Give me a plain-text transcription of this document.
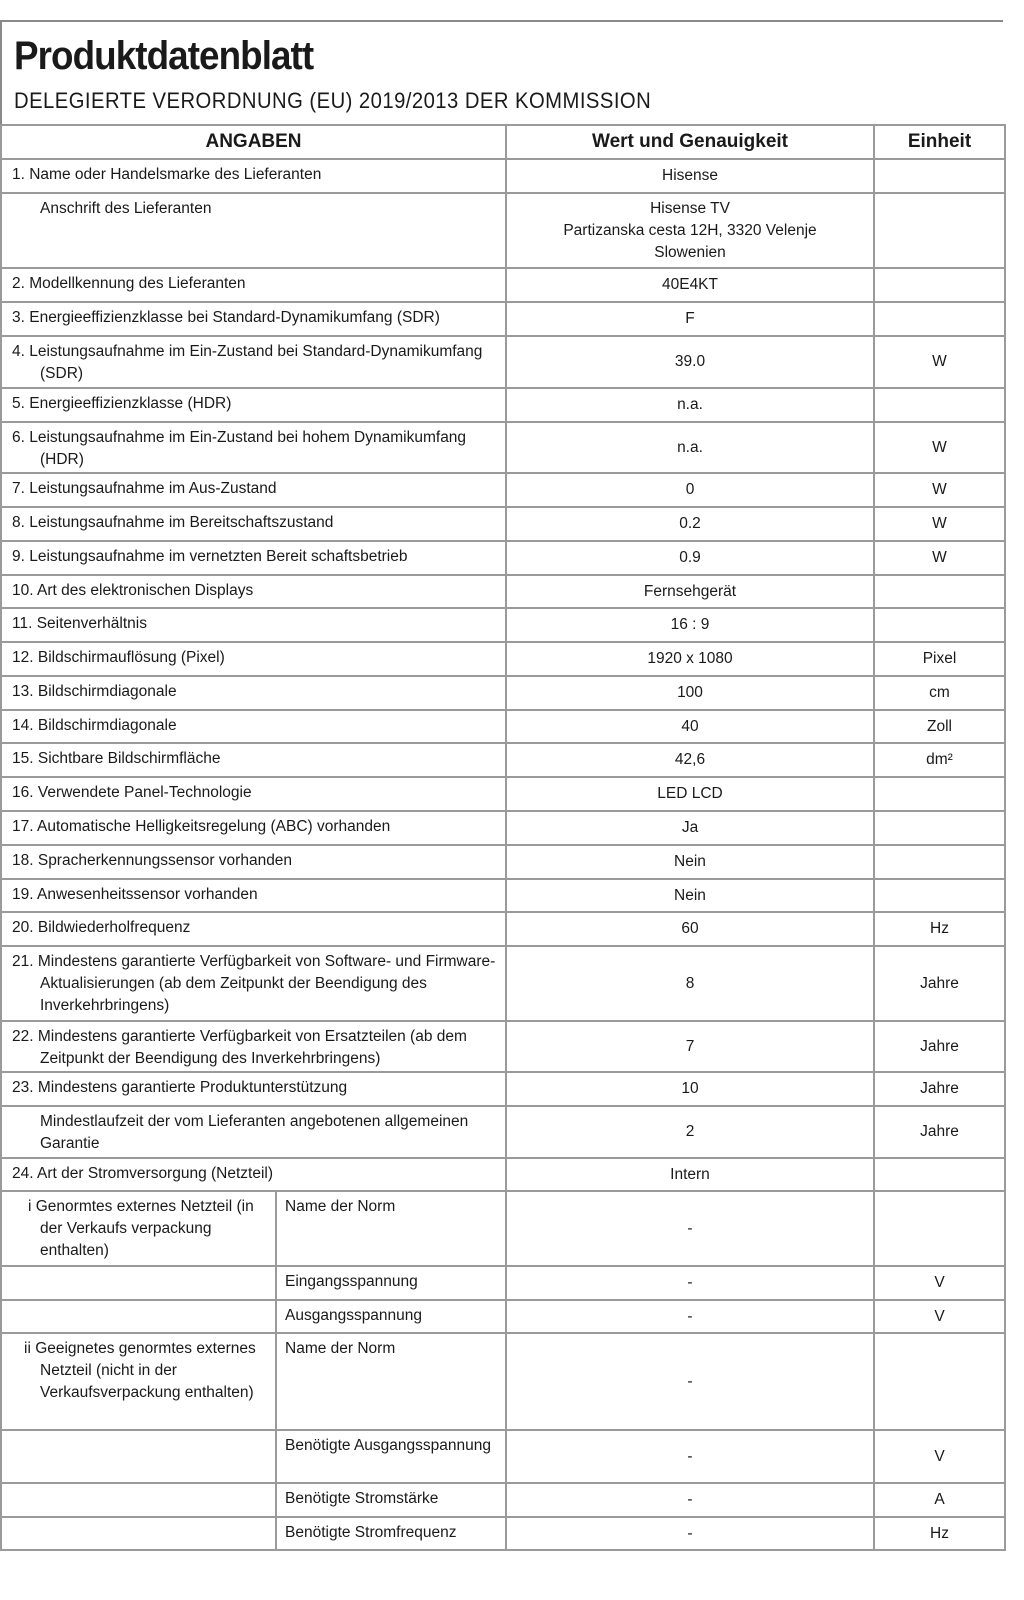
Produktdatenblatt
DELEGIERTE VERORDNUNG (EU) 2019/2013 DER KOMMISSION
ANGABEN		Wert und Genauigkeit	Einheit

1. Name oder Handelsmarke des Lieferanten		Hisense	

Anschrift des Lieferanten		Hisense TV
Partizanska cesta 12H, 3320 Velenje
Slowenien	

2. Modellkennung des Lieferanten		40E4KT	

3. Energieeffizienzklasse bei Standard-Dynamikumfang (SDR)		F	

4. Leistungsaufnahme im Ein-Zustand bei Standard-Dynamikumfang (SDR)		39.0	W

5. Energieeffizienzklasse (HDR)		n.a.	

6. Leistungsaufnahme im Ein-Zustand bei hohem Dynamikumfang (HDR)		n.a.	W

7. Leistungsaufnahme im Aus-Zustand		0	W

8. Leistungsaufnahme im Bereitschaftszustand		0.2	W

9. Leistungsaufnahme im vernetzten Bereit schaftsbetrieb		0.9	W

10. Art des elektronischen Displays		Fernsehgerät	

11. Seitenverhältnis		16 : 9	

12. Bildschirmauflösung (Pixel)		1920 x 1080	Pixel

13. Bildschirmdiagonale		100	cm

14. Bildschirmdiagonale		40	Zoll

15. Sichtbare Bildschirmfläche		42,6	dm²

16. Verwendete Panel-Technologie		LED LCD	

17. Automatische Helligkeitsregelung (ABC) vorhanden		Ja	

18. Spracherkennungssensor vorhanden		Nein	

19. Anwesenheitssensor vorhanden		Nein	

20. Bildwiederholfrequenz		60	Hz

21. Mindestens garantierte Verfügbarkeit von Software- und Firmware-Aktualisierungen (ab dem Zeitpunkt der Beendigung des Inverkehrbringens)		8	Jahre

22. Mindestens garantierte Verfügbarkeit von Ersatzteilen (ab dem Zeitpunkt der Beendigung des Inverkehrbringens)		7	Jahre

23. Mindestens garantierte Produktunterstützung		10	Jahre

Mindestlaufzeit der vom Lieferanten angebotenen allgemeinen Garantie		2	Jahre

24. Art der Stromversorgung (Netzteil)		Intern	

i Genormtes externes Netzteil (in der Verkaufs verpackung enthalten)	Name der Norm	-	

	Eingangsspannung	-	V

	Ausgangsspannung	-	V

ii Geeignetes genormtes externes Netzteil (nicht in der Verkaufsverpackung enthalten)	Name der Norm	-	

	Benötigte Ausgangsspannung	-	V

	Benötigte Stromstärke	-	A

	Benötigte Stromfrequenz	-	Hz
